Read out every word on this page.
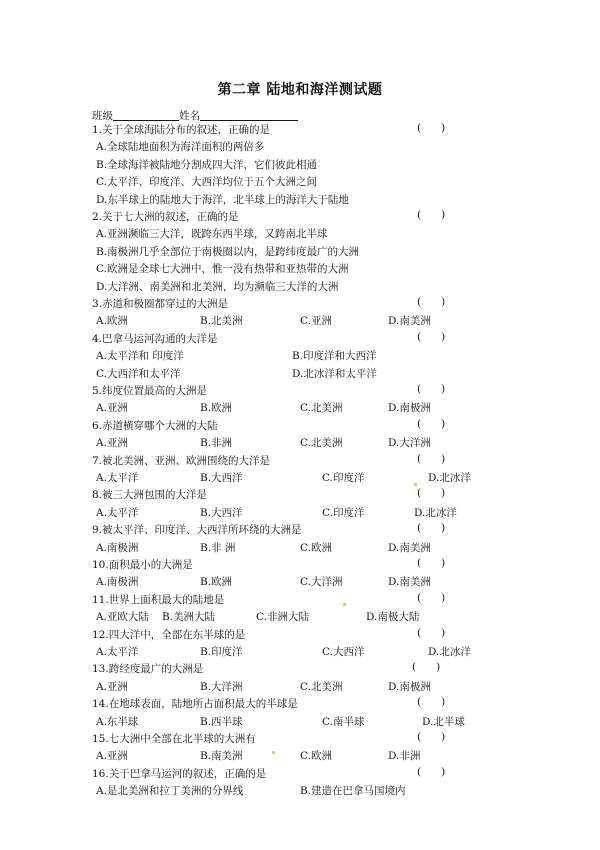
第二章 陆地和海洋测试题
班级	姓名
1.关于全球海陆分布的叙述，正确的是	(      )
A.全球陆地面积为海洋面积的两倍多
B.全球海洋被陆地分割成四大洋，它们彼此相通
C.太平洋、印度洋、大西洋均位于五个大洲之间
D.东半球上的陆地大于海洋，北半球上的海洋大于陆地
2.关于七大洲的叙述，正确的是	(      )
A.亚洲濒临三大洋，既跨东西半球，又跨南北半球
B.南极洲几乎全部位于南极圈以内，是跨纬度最广的大洲
C.欧洲是全球七大洲中，惟一没有热带和亚热带的大洲
D.大洋洲、南美洲和北美洲，均为濒临三大洋的大洲
3.赤道和极圈都穿过的大洲是	(      )
A.欧洲	B.北美洲	C.亚洲	D.南美洲
4.巴拿马运河沟通的大洋是	(      )
A.太平洋和 印度洋	B.印度洋和大西洋
C.大西洋和太平洋	D.北冰洋和太平洋
5.纬度位置最高的大洲是	(      )
A.亚洲	B.欧洲	C.北美洲	D.南极洲
6.赤道横穿哪个大洲的大陆	(      )
A.亚洲	B.非洲	C.北美洲	D.大洋洲
7.被北美洲、亚洲、欧洲围绕的大洋是	(      )
A.太平洋	B.大西洋	C.印度洋	D.北冰洋
8.被三大洲包围的大洋是	(      )
A.太平洋	B.大西洋	C.印度洋	D.北冰洋
9.被太平洋、印度洋、大西洋所环绕的大洲是	(      )
A.南极洲	B.非 洲	C.欧洲	D.南美洲
10.面积最小的大洲是	(      )
A.南极洲	B.欧洲	C.大洋洲	D.南美洲
11.世界上面积最大的陆地是	(      )
A.亚欧大陆 B.美洲大陆	C.非洲大陆	D.南极大陆
12.四大洋中，全部在东半球的是	(      )
A.太平洋	B.印度洋	C.大西洋	D.北冰洋
13.跨经度最广的大洲是	(      )
A.亚洲	B.大洋洲	C.北美洲	D.南极洲
14.在地球表面，陆地所占面积最大的半球是	(      )
A.东半球	B.西半球	C.南半球	D.北半球
15.七大洲中全部在北半球的大洲有	(      )
A.亚洲	B.南美洲	C.欧洲	D.非洲
16.关于巴拿马运河的叙述，正确的是	(      )
A.是北美洲和拉丁美洲的分界线	B.建造在巴拿马国境内
